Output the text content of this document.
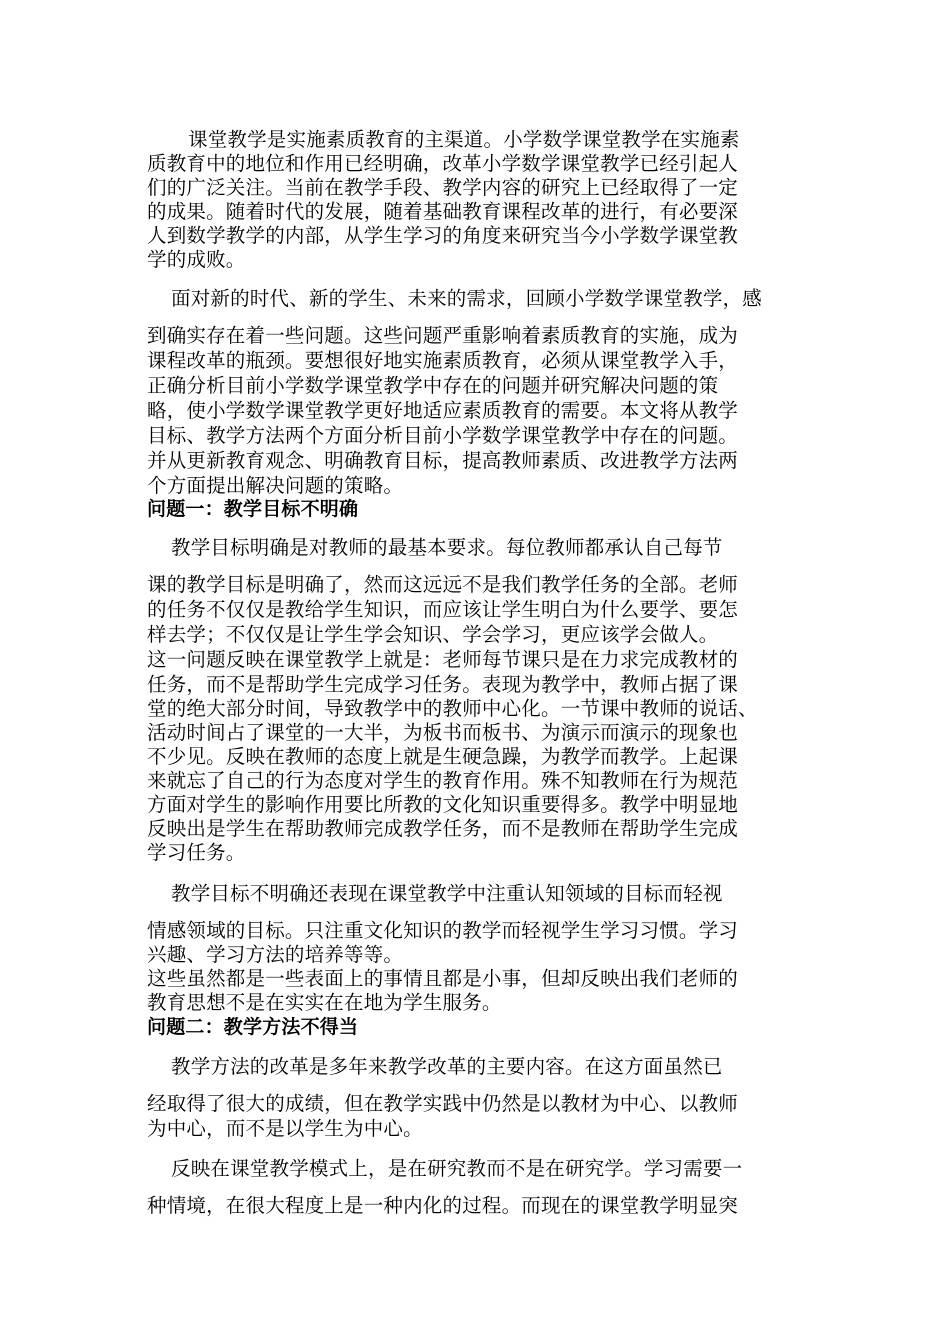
课堂教学是实施素质教育的主渠道。小学数学课堂教学在实施素
质教育中的地位和作用已经明确，改革小学数学课堂教学已经引起人
们的广泛关注。当前在教学手段、教学内容的研究上已经取得了一定
的成果。随着时代的发展，随着基础教育课程改革的进行，有必要深
人到数学教学的内部，从学生学习的角度来研究当今小学数学课堂教
学的成败。
面对新的时代、新的学生、未来的需求，回顾小学数学课堂教学，感
到确实存在着一些问题。这些问题严重影响着素质教育的实施，成为
课程改革的瓶颈。要想很好地实施素质教育，必须从课堂教学入手，
正确分析目前小学数学课堂教学中存在的问题并研究解决问题的策
略，使小学数学课堂教学更好地适应素质教育的需要。本文将从教学
目标、教学方法两个方面分析目前小学数学课堂教学中存在的问题。
并从更新教育观念、明确教育目标，提高教师素质、改进教学方法两
个方面提出解决问题的策略。
问题一：教学目标不明确
教学目标明确是对教师的最基本要求。每位教师都承认自己每节
课的教学目标是明确了，然而这远远不是我们教学任务的全部。老师
的任务不仅仅是教给学生知识，而应该让学生明白为什么要学、要怎
样去学；不仅仅是让学生学会知识、学会学习，更应该学会做人。
这一问题反映在课堂教学上就是：老师每节课只是在力求完成教材的
任务，而不是帮助学生完成学习任务。表现为教学中，教师占据了课
堂的绝大部分时间，导致教学中的教师中心化。一节课中教师的说话、
活动时间占了课堂的一大半，为板书而板书、为演示而演示的现象也
不少见。反映在教师的态度上就是生硬急躁，为教学而教学。上起课
来就忘了自己的行为态度对学生的教育作用。殊不知教师在行为规范
方面对学生的影响作用要比所教的文化知识重要得多。教学中明显地
反映出是学生在帮助教师完成教学任务，而不是教师在帮助学生完成
学习任务。
教学目标不明确还表现在课堂教学中注重认知领域的目标而轻视
情感领域的目标。只注重文化知识的教学而轻视学生学习习惯。学习
兴趣、学习方法的培养等等。
这些虽然都是一些表面上的事情且都是小事，但却反映出我们老师的
教育思想不是在实实在在地为学生服务。
问题二：教学方法不得当
教学方法的改革是多年来教学改革的主要内容。在这方面虽然已
经取得了很大的成绩，但在教学实践中仍然是以教材为中心、以教师
为中心，而不是以学生为中心。
反映在课堂教学模式上，是在研究教而不是在研究学。学习需要一
种情境，在很大程度上是一种内化的过程。而现在的课堂教学明显突
